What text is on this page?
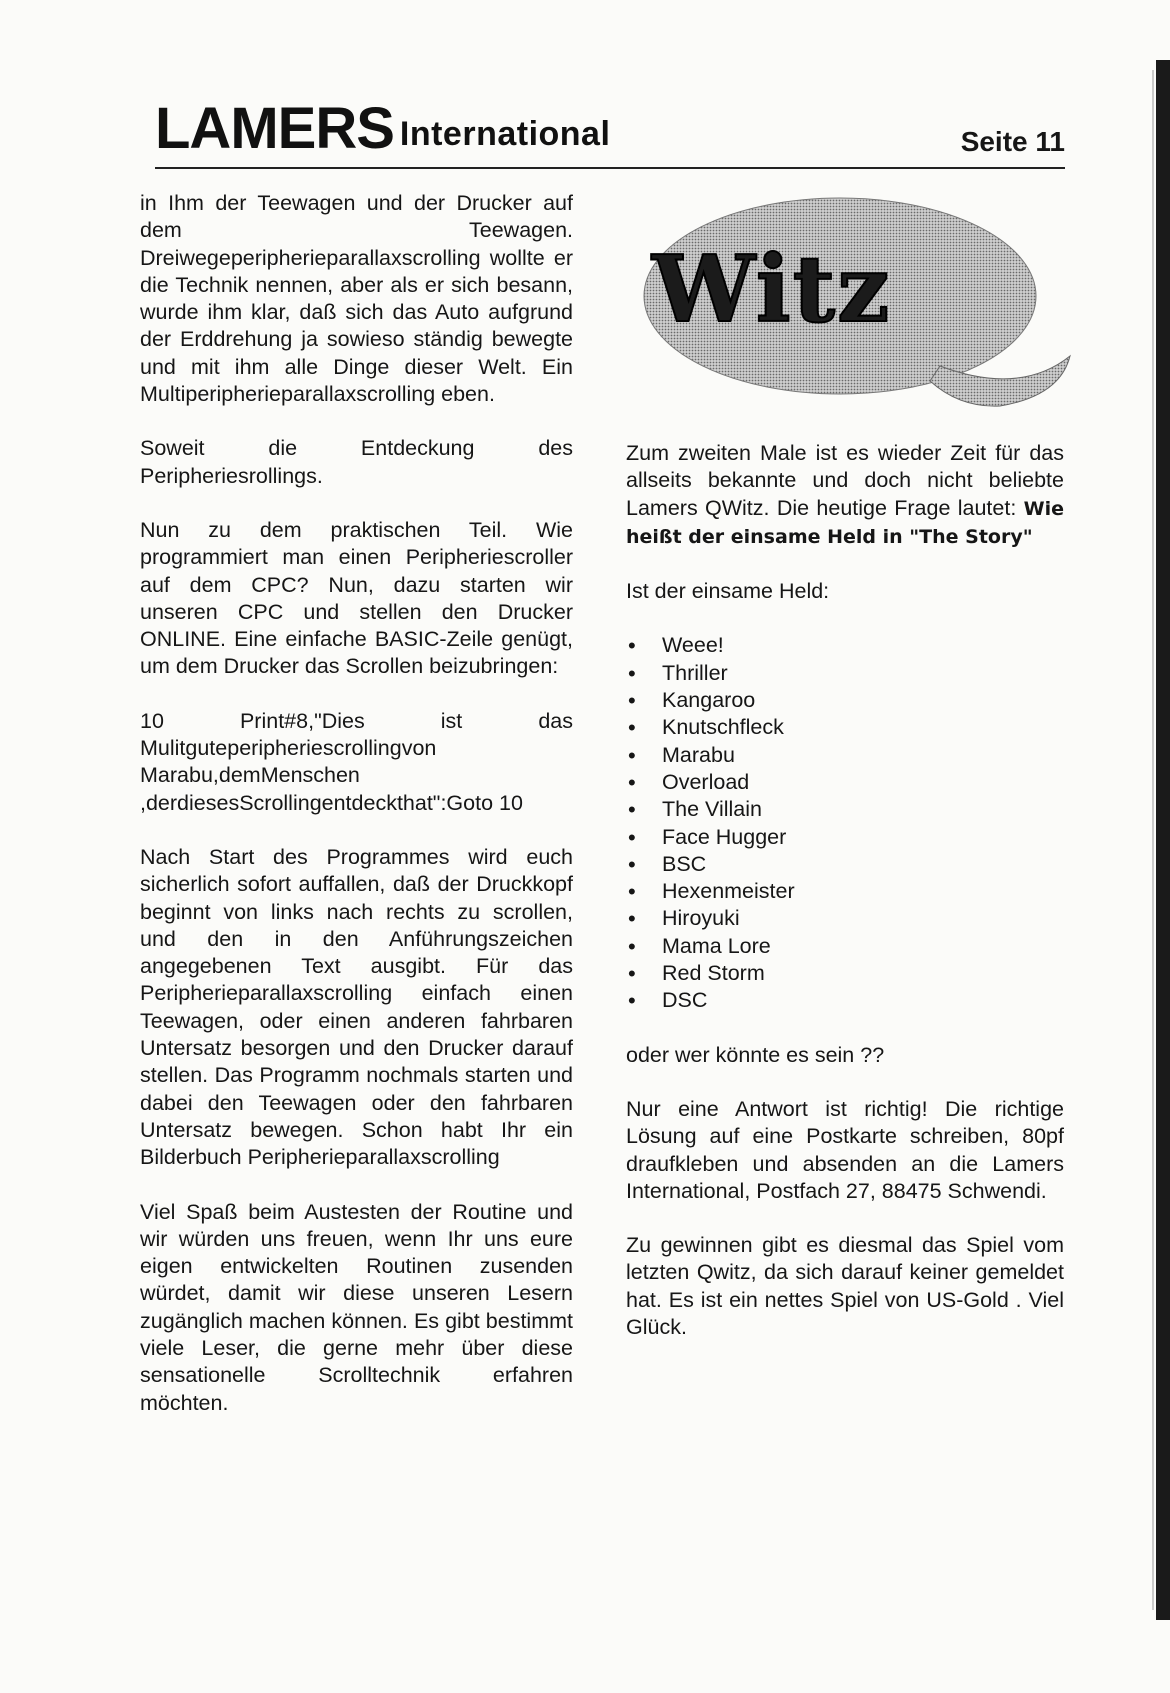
LAMERS International	Seite 11
Witz

in Ihm der Teewagen und der Drucker auf dem Teewagen. Dreiwegeperipherieparallaxscrolling wollte er die Technik nennen, aber als er sich besann, wurde ihm klar, daß sich das Auto aufgrund der Erddrehung ja sowieso ständig bewegte und mit ihm alle Dinge dieser Welt. Ein Multiperipherieparallaxscrolling eben.

Soweit die Entdeckung des Peripheriesrollings.

Nun zu dem praktischen Teil. Wie programmiert man einen Peripheriescroller auf dem CPC? Nun, dazu starten wir unseren CPC und stellen den Drucker ONLINE. Eine einfache BASIC-Zeile genügt, um dem Drucker das Scrollen beizubringen:

10 Print#8,"Dies ist das Mulitguteperipheriescrollingvon Marabu,demMenschen ,derdiesesScrollingentdeckthat":Goto 10

Nach Start des Programmes wird euch sicherlich sofort auffallen, daß der Druckkopf beginnt von links nach rechts zu scrollen, und den in den Anführungszeichen angegebenen Text ausgibt. Für das Peripherieparallaxscrolling einfach einen Teewagen, oder einen anderen fahrbaren Untersatz besorgen und den Drucker darauf stellen. Das Programm nochmals starten und dabei den Teewagen oder den fahrbaren Untersatz bewegen. Schon habt Ihr ein Bilderbuch Peripherieparallaxscrolling

Viel Spaß beim Austesten der Routine und wir würden uns freuen, wenn Ihr uns eure eigen entwickelten Routinen zusenden würdet, damit wir diese unseren Lesern zugänglich machen können. Es gibt bestimmt viele Leser, die gerne mehr über diese sensationelle Scrolltechnik erfahren möchten.

Zum zweiten Male ist es wieder Zeit für das allseits bekannte und doch nicht beliebte Lamers QWitz. Die heutige Frage lautet: Wie heißt der einsame Held in "The Story"

Ist der einsame Held:

• Weee!
• Thriller
• Kangaroo
• Knutschfleck
• Marabu
• Overload
• The Villain
• Face Hugger
• BSC
• Hexenmeister
• Hiroyuki
• Mama Lore
• Red Storm
• DSC

oder wer könnte es sein ??

Nur eine Antwort ist richtig! Die richtige Lösung auf eine Postkarte schreiben, 80pf draufkleben und absenden an die Lamers International, Postfach 27, 88475 Schwendi.

Zu gewinnen gibt es diesmal das Spiel vom letzten Qwitz, da sich darauf keiner gemeldet hat. Es ist ein nettes Spiel von US-Gold . Viel Glück.
